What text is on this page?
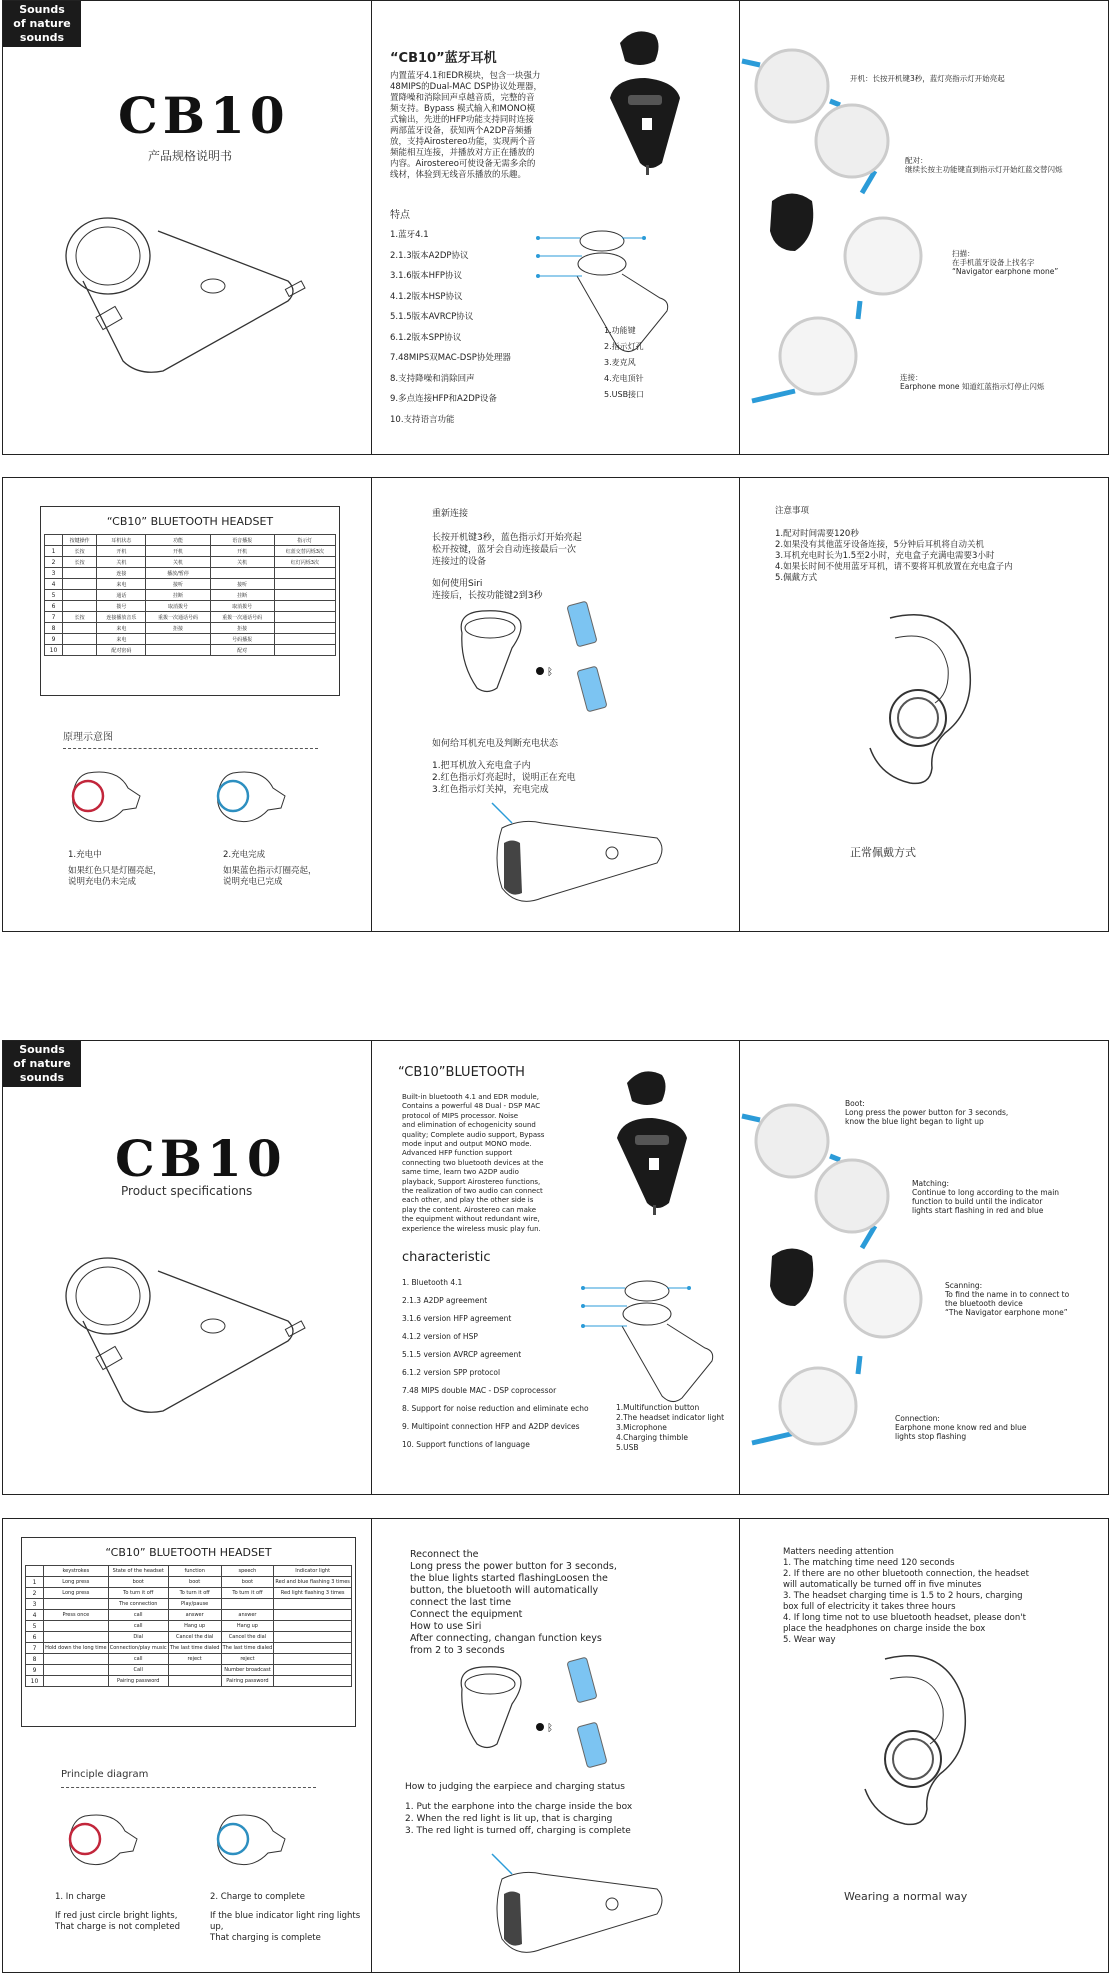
Sounds
of nature
sounds
CB10
产品规格说明书
“CB10”蓝牙耳机
内置蓝牙4.1和EDR模块，包含一块强力
48MIPS的Dual-MAC DSP协议处理器，
置降噪和消除回声卓越音质，完整的音
频支持。Bypass 模式输入和MONO模
式输出，先进的HFP功能支持同时连接
两部蓝牙设备，获知两个A2DP音频播
放，支持Airostereo功能，实现两个音
频能相互连接，并播放对方正在播放的
内容。Airostereo可使设备无需多余的
线材，体验到无线音乐播放的乐趣。
特点
1.蓝牙4.1
2.1.3版本A2DP协议
3.1.6版本HFP协议
4.1.2版本HSP协议
5.1.5版本AVRCP协议
6.1.2版本SPP协议
7.48MIPS双MAC-DSP协处理器
8.支持降噪和消除回声
9.多点连接HFP和A2DP设备
10.支持语言功能
1.功能键
2.指示灯孔
3.麦克风
4.充电顶针
5.USB接口
开机：长按开机键3秒，蓝灯亮指示灯开始亮起
配对：
继续长按主功能键直到指示灯开始红蓝交替闪烁
扫描：
在手机蓝牙设备上找名字
“Navigator earphone mone”
连接：
Earphone mone 知道红蓝指示灯停止闪烁
“CB10” BLUETOOTH HEADSET
	按键操作	耳机状态	功能	语音播报	指示灯
1	长按	开机	开机	开机	红蓝交替闪烁3次
2	长按	关机	关机	关机	红灯闪烁3次
3		连接	播放/暂停		
4		来电	接听	接听	
5		通话	挂断	挂断	
6		拨号	取消拨号	取消拨号	
7	长按	连接播放音乐	重拨一次通话号码	重拨一次通话号码	
8		来电	拒接	拒接	
9		来电		号码播报	
10		配对密码		配对	
原理示意图
1.充电中
如果红色只是灯圈亮起，
说明充电仍未完成
2.充电完成
如果蓝色指示灯圈亮起，
说明充电已完成
重新连接
长按开机键3秒，蓝色指示灯开始亮起
松开按键，蓝牙会自动连接最后一次
连接过的设备
如何使用Siri
连接后，长按功能键2到3秒
ᛒ
如何给耳机充电及判断充电状态
1.把耳机放入充电盒子内
2.红色指示灯亮起时，说明正在充电
3.红色指示灯关掉，充电完成
注意事项
1.配对时间需要120秒
2.如果没有其他蓝牙设备连接，5分钟后耳机将自动关机
3.耳机充电时长为1.5至2小时，充电盒子充满电需要3小时
4.如果长时间不使用蓝牙耳机，请不要将耳机放置在充电盒子内
5.佩戴方式
正常佩戴方式
Sounds
of nature
sounds
CB10
Product specifications
“CB10”BLUETOOTH
Built-in bluetooth 4.1 and EDR module,
Contains a powerful 48 Dual - DSP MAC
protocol of MIPS processor. Noise
and elimination of echogenicity sound
quality; Complete audio support, Bypass
mode input and output MONO mode.
Advanced HFP function support
connecting two bluetooth devices at the
same time, learn two A2DP audio
playback, Support Airostereo functions,
the realization of two audio can connect
each other, and play the other side is
play the content. Airostereo can make
the equipment without redundant wire,
experience the wireless music play fun.
characteristic
1. Bluetooth 4.1
2.1.3 A2DP agreement
3.1.6 version HFP agreement
4.1.2 version of HSP
5.1.5 version AVRCP agreement
6.1.2 version SPP protocol
7.48 MIPS double MAC - DSP coprocessor
8. Support for noise reduction and eliminate echo
9. Multipoint connection HFP and A2DP devices
10. Support functions of language
1.Multifunction button
2.The headset indicator light
3.Microphone
4.Charging thimble
5.USB
Boot:
Long press the power button for 3 seconds,
know the blue light began to light up
Matching:
Continue to long according to the main
function to build until the indicator
lights start flashing in red and blue
Scanning:
To find the name in to connect to
the bluetooth device
“The Navigator earphone mone”
Connection:
Earphone mone know red and blue
lights stop flashing
“CB10” BLUETOOTH HEADSET
	keystrokes	State of the headset	function	speech	Indicator light
1	Long press	boot	boot	boot	Red and blue flashing 3 times
2	Long press	To turn it off	To turn it off	To turn it off	Red light flashing 3 times
3		The connection	Play/pause		
4	Press once	call	answer	answer	
5		call	Hang up	Hang up	
6		Dial	Cancel the dial	Cancel the dial	
7	Hold down the long time	Connection/play music	The last time dialed	The last time dialed	
8		call	reject	reject	
9		Call		Number broadcast	
10		Pairing password		Pairing password	
Principle diagram
1. In charge
If red just circle bright lights,
That charge is not completed
2. Charge to complete
If the blue indicator light ring lights up,
That charging is complete
Reconnect the
Long press the power button for 3 seconds,
the blue lights started flashingLoosen the
button, the bluetooth will automatically
connect the last time
Connect the equipment
How to use Siri
After connecting, changan function keys
from 2 to 3 seconds
ᛒ
How to judging the earpiece and charging status
1. Put the earphone into the charge inside the box
2. When the red light is lit up, that is charging
3. The red light is turned off, charging is complete
Matters needing attention
1. The matching time need 120 seconds
2. If there are no other bluetooth connection, the headset
will automatically be turned off in five minutes
3. The headset charging time is 1.5 to 2 hours, charging
box full of electricity it takes three hours
4. If long time not to use bluetooth headset, please don't
place the headphones on charge inside the box
5. Wear way
Wearing a normal way
